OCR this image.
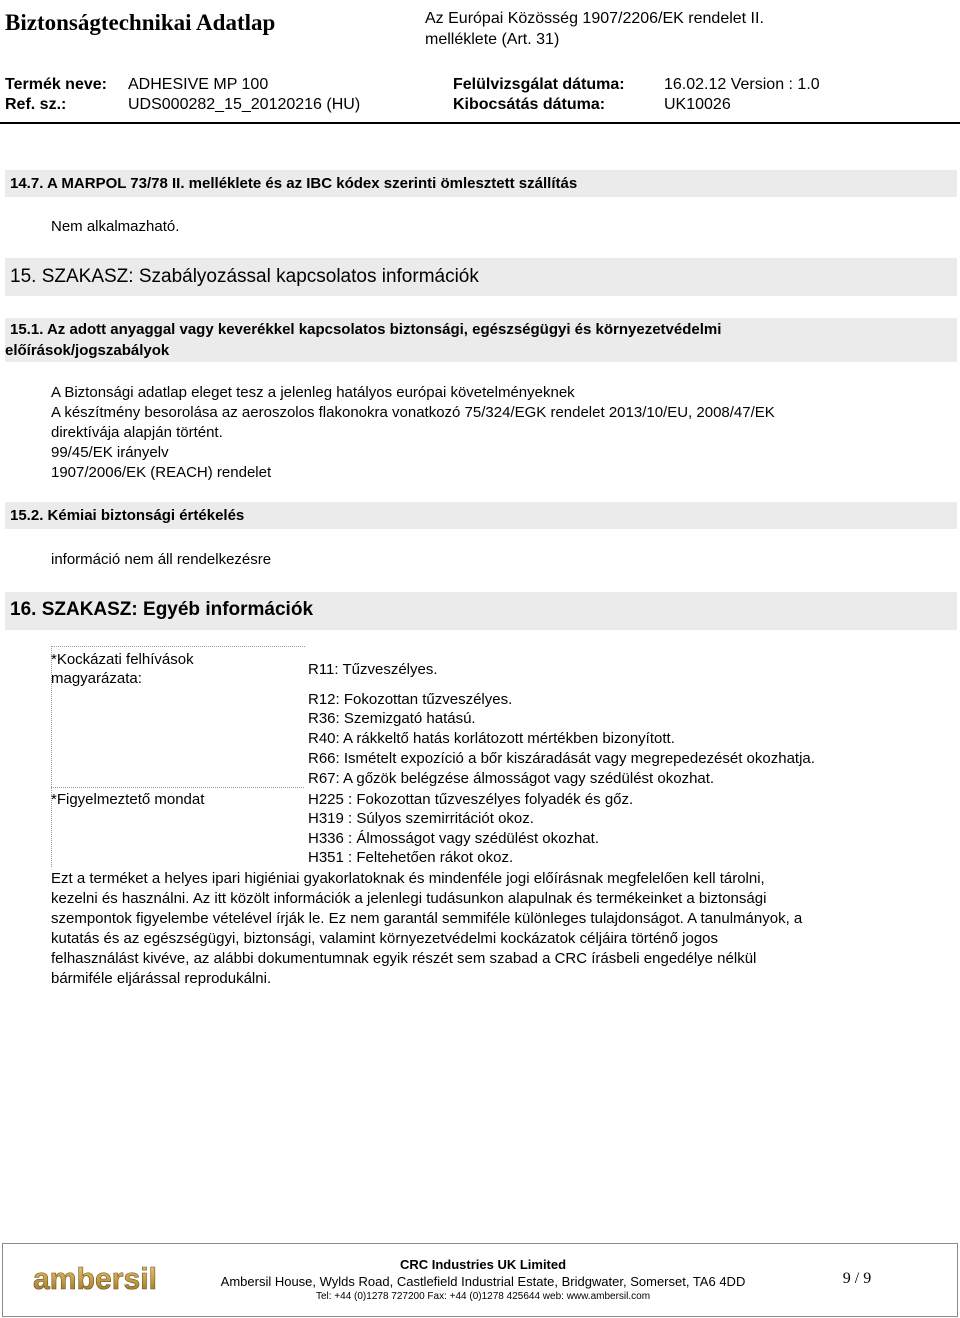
Biztonságtechnikai Adatlap	Az Európai Közösség 1907/2206/EK rendelet II.
melléklete (Art. 31)
Termék neve: ADHESIVE MP 100
Ref. sz.:	UDS000282_15_20120216 (HU)
Felülvizsgálat dátuma: 16.02.12 Version : 1.0
Kibocsátás dátuma:	UK10026
14.7. A MARPOL 73/78 II. melléklete és az IBC kódex szerinti ömlesztett szállítás
Nem alkalmazható.
15. SZAKASZ: Szabályozással kapcsolatos információk
15.1. Az adott anyaggal vagy keverékkel kapcsolatos biztonsági, egészségügyi és környezetvédelmi
előírások/jogszabályok
A Biztonsági adatlap eleget tesz a jelenleg hatályos európai követelményeknek
A készítmény besorolása az aeroszolos flakonokra vonatkozó 75/324/EGK rendelet 2013/10/EU, 2008/47/EK
direktívája alapján történt.
99/45/EK irányelv
1907/2006/EK (REACH) rendelet
15.2. Kémiai biztonsági értékelés
információ nem áll rendelkezésre
16. SZAKASZ: Egyéb információk
*Kockázati felhívások
magyarázata:
R11: Tűzveszélyes.
R12: Fokozottan tűzveszélyes.
R36: Szemizgató hatású.
R40: A rákkeltő hatás korlátozott mértékben bizonyított.
R66: Ismételt expozíció a bőr kiszáradását vagy megrepedezését okozhatja.
R67: A gőzök belégzése álmosságot vagy szédülést okozhat.
*Figyelmeztető mondat	H225 : Fokozottan tűzveszélyes folyadék és gőz.
H319 : Súlyos szemirritációt okoz.
H336 : Álmosságot vagy szédülést okozhat.
H351 : Feltehetően rákot okoz.
Ezt a terméket a helyes ipari higiéniai gyakorlatoknak és mindenféle jogi előírásnak megfelelően kell tárolni,
kezelni és használni. Az itt közölt információk a jelenlegi tudásunkon alapulnak és termékeinket a biztonsági
szempontok figyelembe vételével írják le. Ez nem garantál semmiféle különleges tulajdonságot. A tanulmányok, a
kutatás és az egészségügyi, biztonsági, valamint környezetvédelmi kockázatok céljáira történő jogos
felhasználást kivéve, az alábbi dokumentumnak egyik részét sem szabad a CRC írásbeli engedélye nélkül
bármiféle eljárással reprodukálni.
ambersil	CRC Industries UK Limited
Ambersil House, Wylds Road, Castlefield Industrial Estate, Bridgwater, Somerset, TA6 4DD
Tel: +44 (0)1278 727200 Fax: +44 (0)1278 425644 web: www.ambersil.com
9 / 9
